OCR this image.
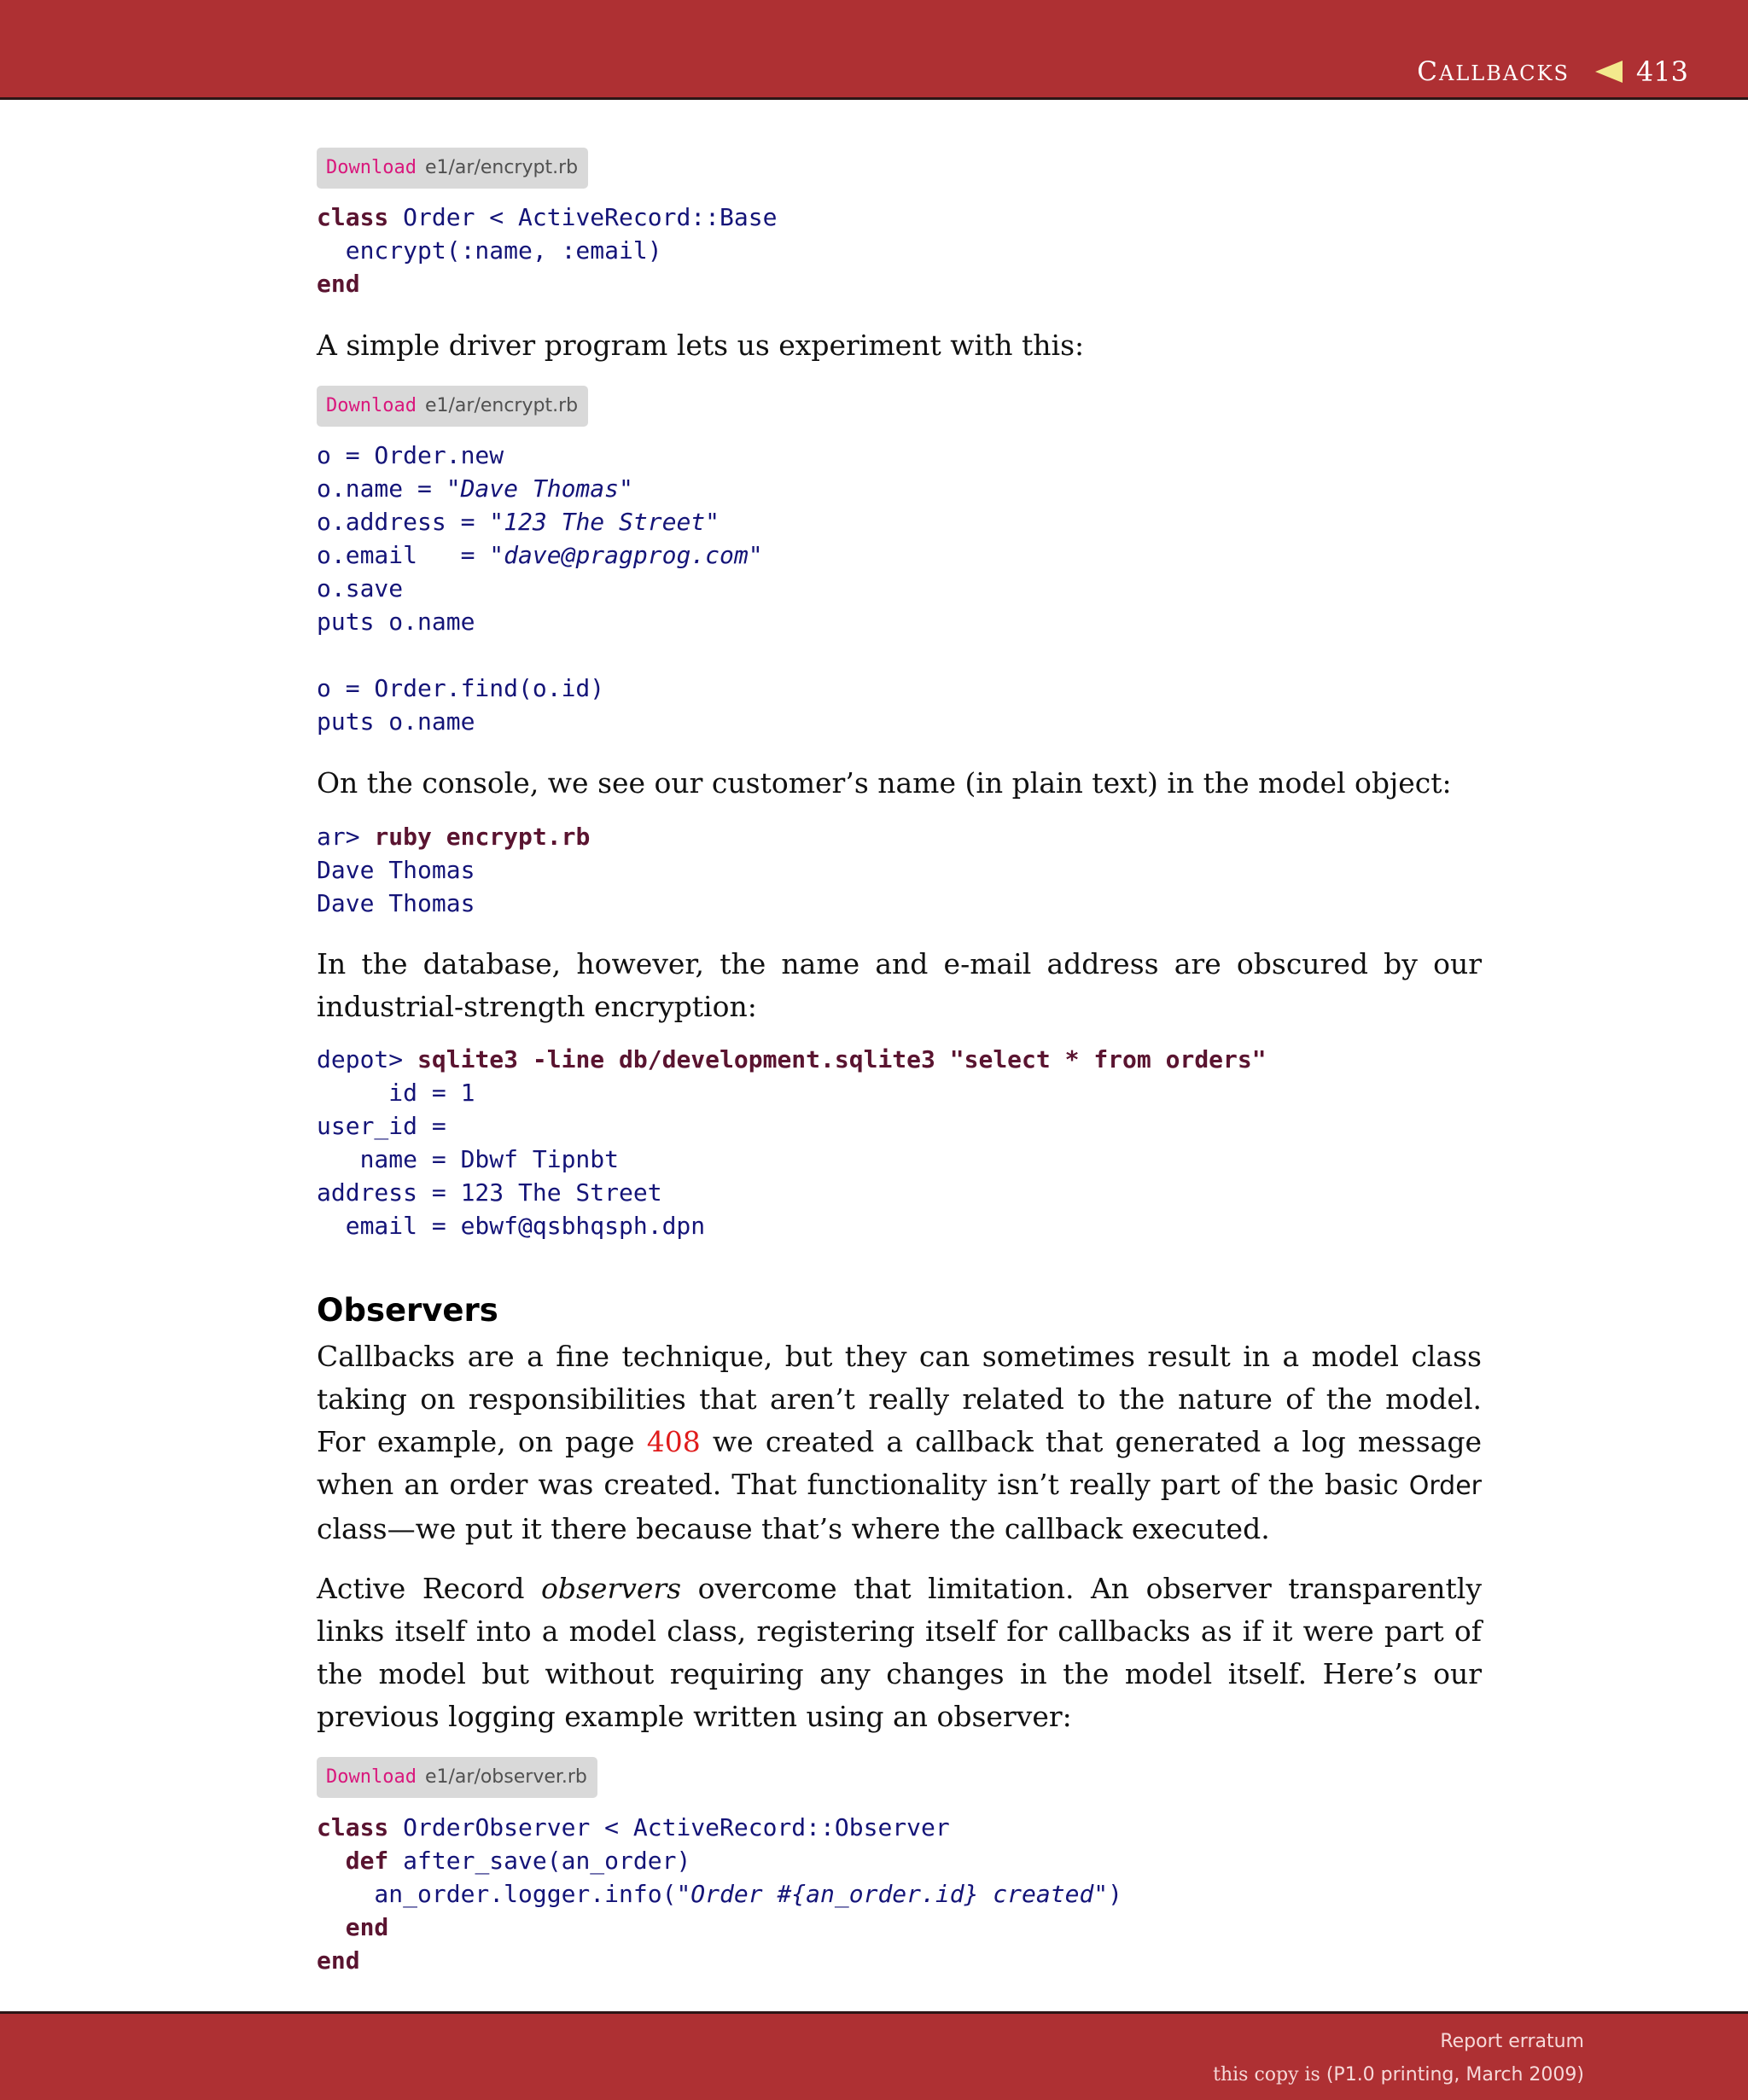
CALLBACKS 413
Download e1/ar/encrypt.rb
class Order < ActiveRecord::Base
encrypt(:name, :email)
end

A simple driver program lets us experiment with this:

Download e1/ar/encrypt.rb
o = Order.new
o.name = "Dave Thomas"
o.address = "123 The Street"
o.email   = "dave@pragprog.com"
o.save
puts o.name

o = Order.find(o.id)
puts o.name

On the console, we see our customer’s name (in plain text) in the model object:

ar> ruby encrypt.rb
Dave Thomas
Dave Thomas

In the database, however, the name and e-mail address are obscured by our industrial-strength encryption:

depot> sqlite3 -line db/development.sqlite3 "select * from orders"
id = 1
user_id =
name = Dbwf Tipnbt
address = 123 The Street
email = ebwf@qsbhqsph.dpn
Observers

Callbacks are a fine technique, but they can sometimes result in a model class taking on responsibilities that aren’t really related to the nature of the model. For example, on page 408 we created a callback that generated a log message when an order was created. That functionality isn’t really part of the basic Order class—we put it there because that’s where the callback executed.

Active Record observers overcome that limitation. An observer transparently links itself into a model class, registering itself for callbacks as if it were part of the model but without requiring any changes in the model itself. Here’s our previous logging example written using an observer:

Download e1/ar/observer.rb
class OrderObserver < ActiveRecord::Observer
def after_save(an_order)
an_order.logger.info("Order #{an_order.id} created")
end
end
Report erratum
this copy is (P1.0 printing, March 2009)
